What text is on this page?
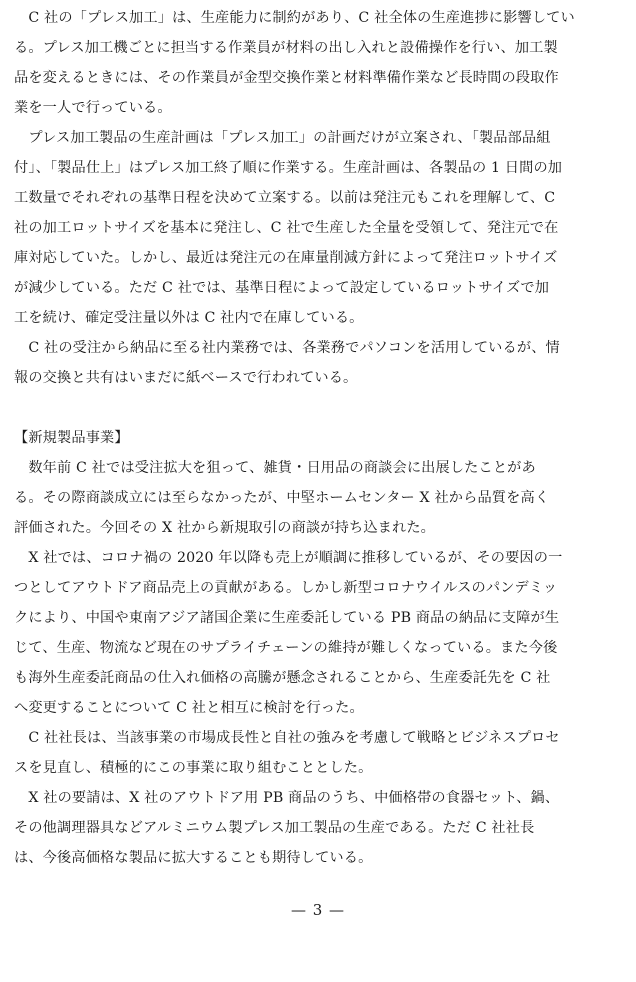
　C 社の「プレス加工」は、生産能力に制約があり、C 社全体の生産進捗に影響してい
る。プレス加工機ごとに担当する作業員が材料の出し入れと設備操作を行い、加工製
品を変えるときには、その作業員が金型交換作業と材料準備作業など長時間の段取作
業を一人で行っている。
　プレス加工製品の生産計画は「プレス加工」の計画だけが立案され、「製品部品組
付」、「製品仕上」はプレス加工終了順に作業する。生産計画は、各製品の 1 日間の加
工数量でそれぞれの基準日程を決めて立案する。以前は発注元もこれを理解して、C
社の加工ロットサイズを基本に発注し、C 社で生産した全量を受領して、発注元で在
庫対応していた。しかし、最近は発注元の在庫量削減方針によって発注ロットサイズ
が減少している。ただ C 社では、基準日程によって設定しているロットサイズで加
工を続け、確定受注量以外は C 社内で在庫している。
　C 社の受注から納品に至る社内業務では、各業務でパソコンを活用しているが、情
報の交換と共有はいまだに紙ベースで行われている。
【新規製品事業】
　数年前 C 社では受注拡大を狙って、雑貨・日用品の商談会に出展したことがあ
る。その際商談成立には至らなかったが、中堅ホームセンター X 社から品質を高く
評価された。今回その X 社から新規取引の商談が持ち込まれた。
　X 社では、コロナ禍の 2020 年以降も売上が順調に推移しているが、その要因の一
つとしてアウトドア商品売上の貢献がある。しかし新型コロナウイルスのパンデミッ
クにより、中国や東南アジア諸国企業に生産委託している PB 商品の納品に支障が生
じて、生産、物流など現在のサプライチェーンの維持が難しくなっている。また今後
も海外生産委託商品の仕入れ価格の高騰が懸念されることから、生産委託先を C 社
へ変更することについて C 社と相互に検討を行った。
　C 社社長は、当該事業の市場成長性と自社の強みを考慮して戦略とビジネスプロセ
スを見直し、積極的にこの事業に取り組むこととした。
　X 社の要請は、X 社のアウトドア用 PB 商品のうち、中価格帯の食器セット、鍋、
その他調理器具などアルミニウム製プレス加工製品の生産である。ただ C 社社長
は、今後高価格な製品に拡大することも期待している。
— 3 —
